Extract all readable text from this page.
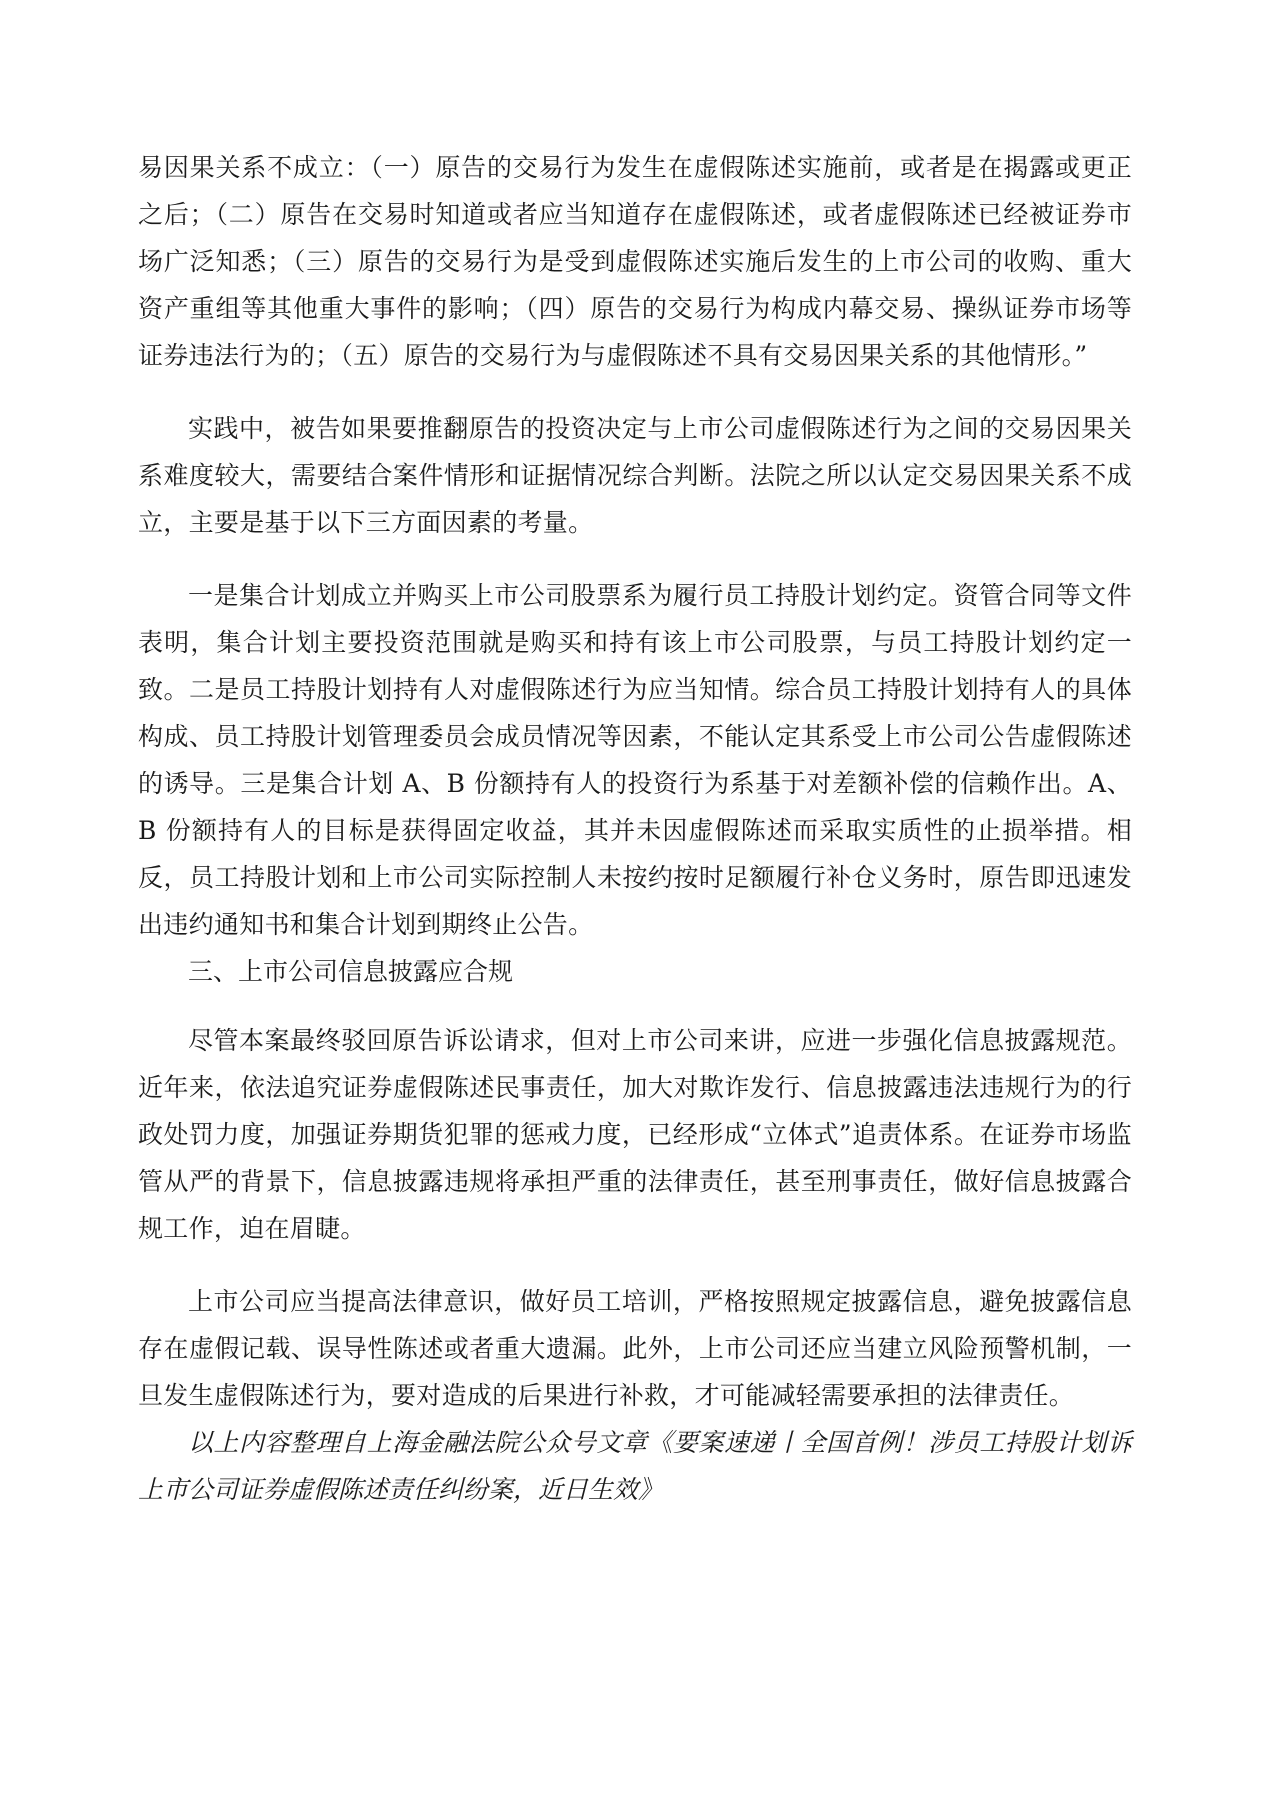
易因果关系不成立：（一）原告的交易行为发生在虚假陈述实施前，或者是在揭露或更正之后；（二）原告在交易时知道或者应当知道存在虚假陈述，或者虚假陈述已经被证券市场广泛知悉；（三）原告的交易行为是受到虚假陈述实施后发生的上市公司的收购、重大资产重组等其他重大事件的影响；（四）原告的交易行为构成内幕交易、操纵证券市场等证券违法行为的；（五）原告的交易行为与虚假陈述不具有交易因果关系的其他情形。”

实践中，被告如果要推翻原告的投资决定与上市公司虚假陈述行为之间的交易因果关系难度较大，需要结合案件情形和证据情况综合判断。法院之所以认定交易因果关系不成立，主要是基于以下三方面因素的考量。

一是集合计划成立并购买上市公司股票系为履行员工持股计划约定。资管合同等文件表明，集合计划主要投资范围就是购买和持有该上市公司股票，与员工持股计划约定一致。二是员工持股计划持有人对虚假陈述行为应当知情。综合员工持股计划持有人的具体构成、员工持股计划管理委员会成员情况等因素，不能认定其系受上市公司公告虚假陈述的诱导。三是集合计划 A、B 份额持有人的投资行为系基于对差额补偿的信赖作出。A、B 份额持有人的目标是获得固定收益，其并未因虚假陈述而采取实质性的止损举措。相反，员工持股计划和上市公司实际控制人未按约按时足额履行补仓义务时，原告即迅速发出违约通知书和集合计划到期终止公告。

三、上市公司信息披露应合规

尽管本案最终驳回原告诉讼请求，但对上市公司来讲，应进一步强化信息披露规范。近年来，依法追究证券虚假陈述民事责任，加大对欺诈发行、信息披露违法违规行为的行政处罚力度，加强证券期货犯罪的惩戒力度，已经形成“立体式”追责体系。在证券市场监管从严的背景下，信息披露违规将承担严重的法律责任，甚至刑事责任，做好信息披露合规工作，迫在眉睫。

上市公司应当提高法律意识，做好员工培训，严格按照规定披露信息，避免披露信息存在虚假记载、误导性陈述或者重大遗漏。此外，上市公司还应当建立风险预警机制，一旦发生虚假陈述行为，要对造成的后果进行补救，才可能减轻需要承担的法律责任。

以上内容整理自上海金融法院公众号文章《要案速递丨全国首例！涉员工持股计划诉上市公司证券虚假陈述责任纠纷案，近日生效》
